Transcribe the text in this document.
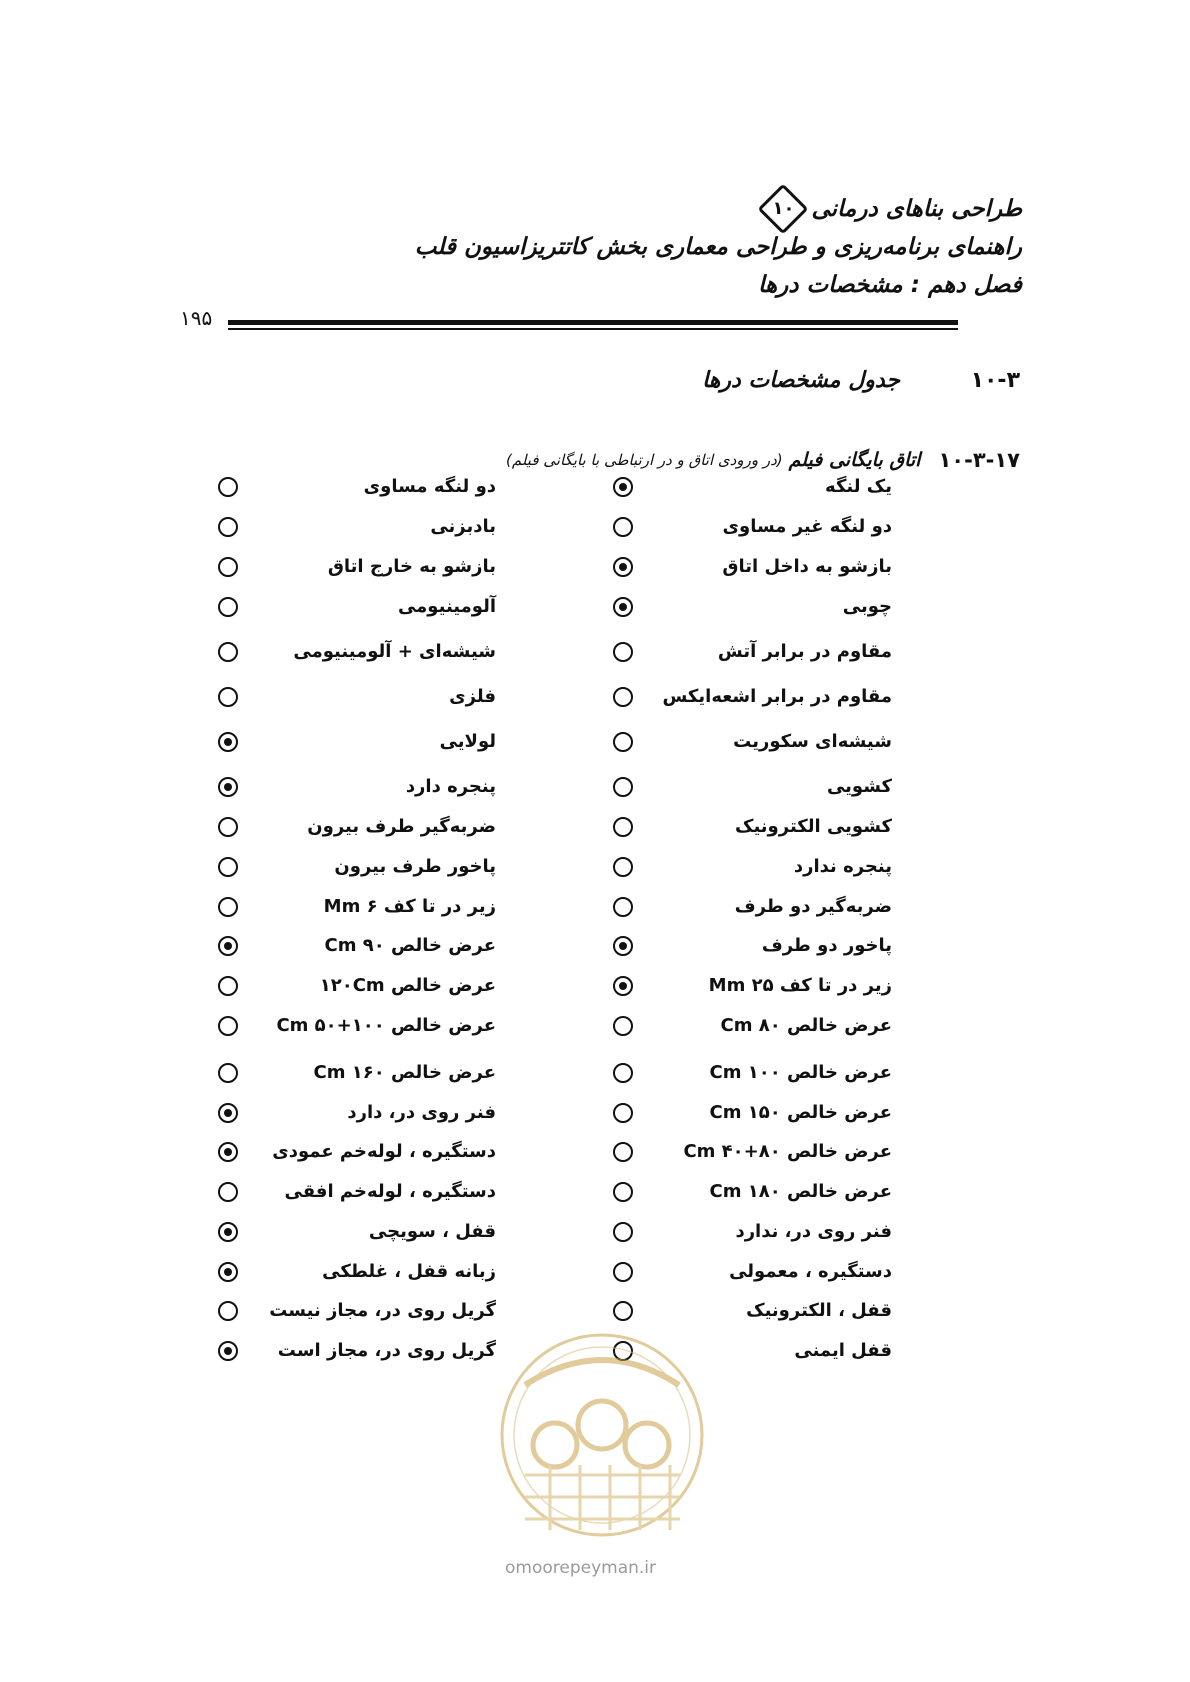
طراحی بناهای درمانی
۱۰
راهنمای برنامه‌ریزی و طراحی معماری بخش کاتتریزاسیون قلب
فصل دهم : مشخصات درها
۱۹۵
۱۰-۳
جدول مشخصات درها
۱۰-۳-۱۷
اتاق بایگانی فیلم
(در ورودی اتاق و در ارتباطی با بایگانی فیلم)
یک لنگه
دو لنگه غیر مساوی
بازشو به داخل اتاق
چوبی
مقاوم در برابر آتش
مقاوم در برابر اشعه‌ایکس
شیشه‌ای سکوریت
کشویی
کشویی الکترونیک
پنجره ندارد
ضربه‌گیر دو طرف
پاخور دو طرف
زیر در تا کف Mm ۲۵
عرض خالص Cm ۸۰
عرض خالص Cm ۱۰۰
عرض خالص Cm ۱۵۰
عرض خالص Cm ۴۰+۸۰
عرض خالص Cm ۱۸۰
فنر روی در، ندارد
دستگیره ، معمولی
قفل ، الکترونیک
قفل ایمنی
دو لنگه مساوی
بادبزنی
بازشو به خارج اتاق
آلومینیومی
شیشه‌ای + آلومینیومی
فلزی
لولایی
پنجره دارد
ضربه‌گیر طرف بیرون
پاخور طرف بیرون
زیر در تا کف Mm ۶
عرض خالص Cm ۹۰
عرض خالص ۱۲۰Cm
عرض خالص Cm ۵۰+۱۰۰
عرض خالص Cm ۱۶۰
فنر روی در، دارد
دستگیره ، لوله‌خم عمودی
دستگیره ، لوله‌خم افقی
قفل ، سویچی
زبانه قفل ، غلطکی
گریل روی در، مجاز نیست
گریل روی در، مجاز است
omoorepeyman.ir
